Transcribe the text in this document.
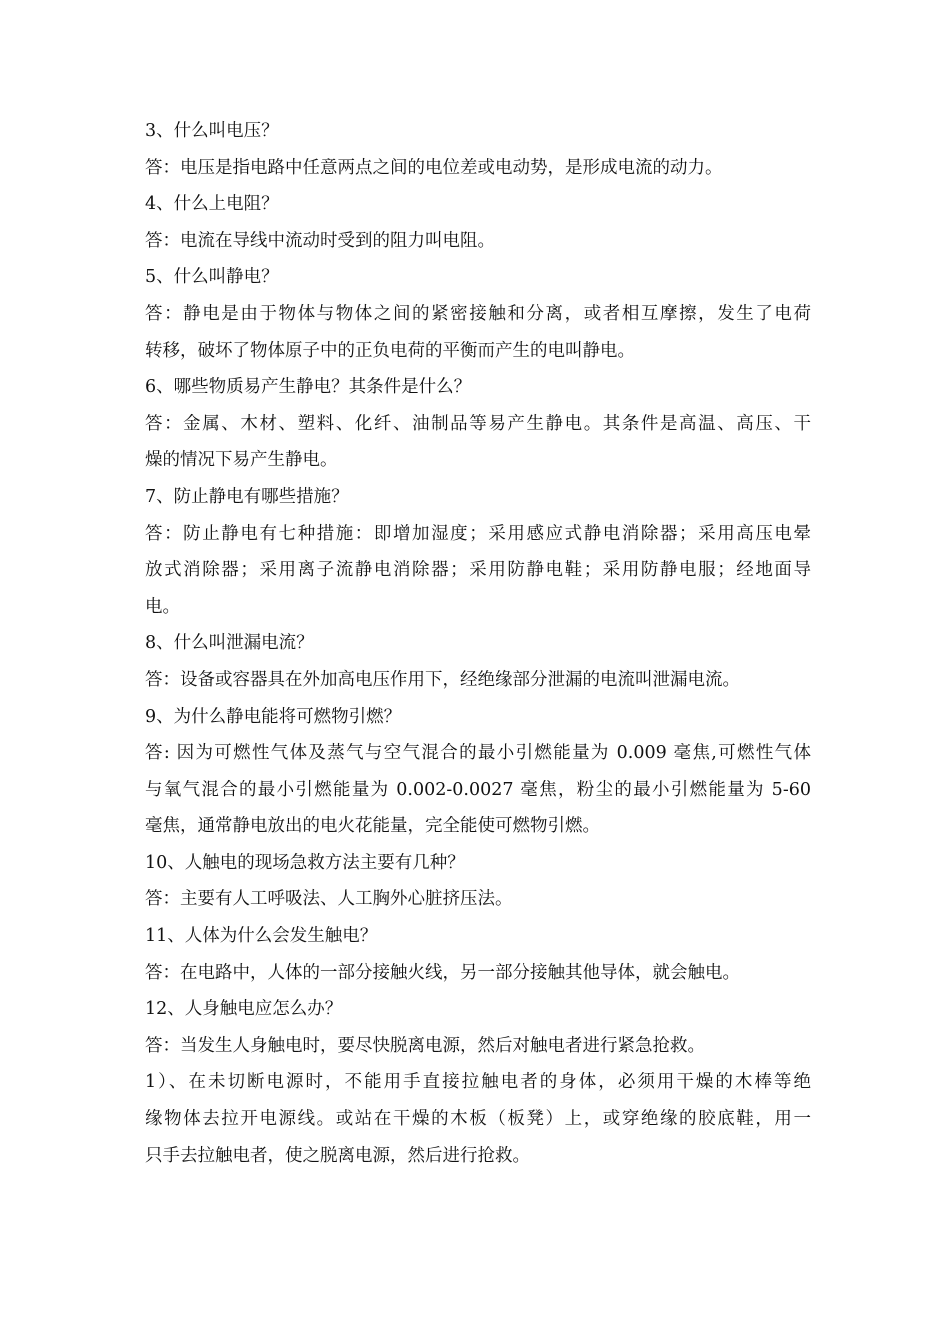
3、什么叫电压？
答：电压是指电路中任意两点之间的电位差或电动势，是形成电流的动力。
4、什么上电阻？
答：电流在导线中流动时受到的阻力叫电阻。
5、什么叫静电？
答：静电是由于物体与物体之间的紧密接触和分离，或者相互摩擦，发生了电荷
转移，破坏了物体原子中的正负电荷的平衡而产生的电叫静电。
6、哪些物质易产生静电？其条件是什么？
答：金属、木材、塑料、化纤、油制品等易产生静电。其条件是高温、高压、干
燥的情况下易产生静电。
7、防止静电有哪些措施？
答：防止静电有七种措施：即增加湿度；采用感应式静电消除器；采用高压电晕
放式消除器；采用离子流静电消除器；采用防静电鞋；采用防静电服；经地面导
电。
8、什么叫泄漏电流？
答：设备或容器具在外加高电压作用下，经绝缘部分泄漏的电流叫泄漏电流。
9、为什么静电能将可燃物引燃？
答: 因为可燃性气体及蒸气与空气混合的最小引燃能量为 0.009 毫焦,可燃性气体
与氧气混合的最小引燃能量为 0.002-0.0027 毫焦，粉尘的最小引燃能量为 5-60
毫焦，通常静电放出的电火花能量，完全能使可燃物引燃。
10、人触电的现场急救方法主要有几种？
答：主要有人工呼吸法、人工胸外心脏挤压法。
11、人体为什么会发生触电？
答：在电路中，人体的一部分接触火线，另一部分接触其他导体，就会触电。
12、人身触电应怎么办？
答：当发生人身触电时，要尽快脱离电源，然后对触电者进行紧急抢救。
1）、在未切断电源时，不能用手直接拉触电者的身体，必须用干燥的木棒等绝
缘物体去拉开电源线。或站在干燥的木板（板凳）上，或穿绝缘的胶底鞋，用一
只手去拉触电者，使之脱离电源，然后进行抢救。
